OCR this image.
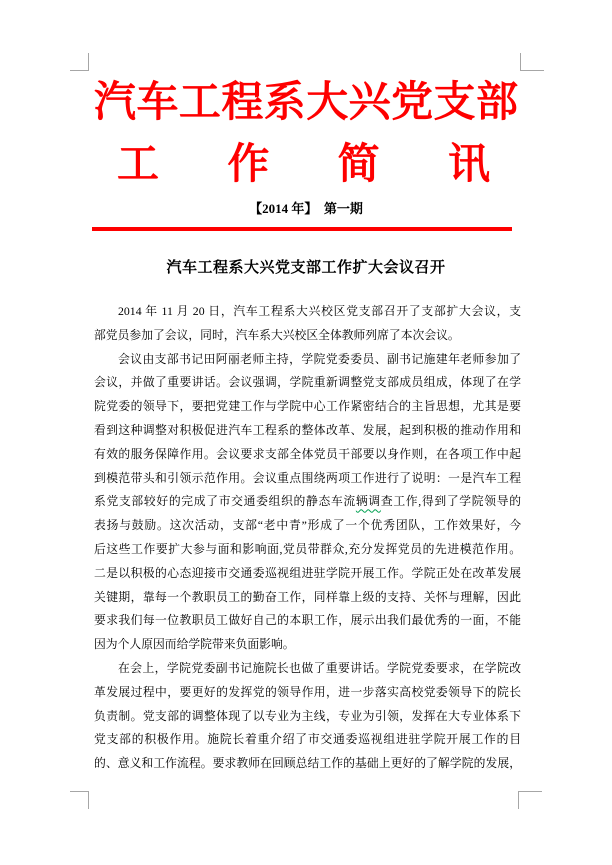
汽 车 工 程 系 大 兴 党 支 部
工 作 简 讯
【2014 年】　第一期
汽车工程系大兴党支部工作扩大会议召开
2014 年 11 月 20 日，汽车工程系大兴校区党支部召开了支部扩大会议，支
部党员参加了会议，同时，汽车系大兴校区全体教师列席了本次会议。
会议由支部书记田阿丽老师主持，学院党委委员、副书记施建年老师参加了
会议，并做了重要讲话。会议强调，学院重新调整党支部成员组成，体现了在学
院党委的领导下，要把党建工作与学院中心工作紧密结合的主旨思想，尤其是要
看到这种调整对积极促进汽车工程系的整体改革、发展，起到积极的推动作用和
有效的服务保障作用。会议要求支部全体党员干部要以身作则，在各项工作中起
到模范带头和引领示范作用。会议重点围绕两项工作进行了说明：一是汽车工程
系党支部较好的完成了市交通委组织的静态车流辆调查工作,得到了学院领导的
表扬与鼓励。这次活动，支部“老中青”形成了一个优秀团队，工作效果好，今
后这些工作要扩大参与面和影响面,党员带群众,充分发挥党员的先进模范作用。
二是以积极的心态迎接市交通委巡视组进驻学院开展工作。学院正处在改革发展
关键期，靠每一个教职员工的勤奋工作，同样靠上级的支持、关怀与理解，因此
要求我们每一位教职员工做好自己的本职工作，展示出我们最优秀的一面，不能
因为个人原因而给学院带来负面影响。
在会上，学院党委副书记施院长也做了重要讲话。学院党委要求，在学院改
革发展过程中，要更好的发挥党的领导作用，进一步落实高校党委领导下的院长
负责制。党支部的调整体现了以专业为主线，专业为引领，发挥在大专业体系下
党支部的积极作用。施院长着重介绍了市交通委巡视组进驻学院开展工作的目
的、意义和工作流程。要求教师在回顾总结工作的基础上更好的了解学院的发展，
